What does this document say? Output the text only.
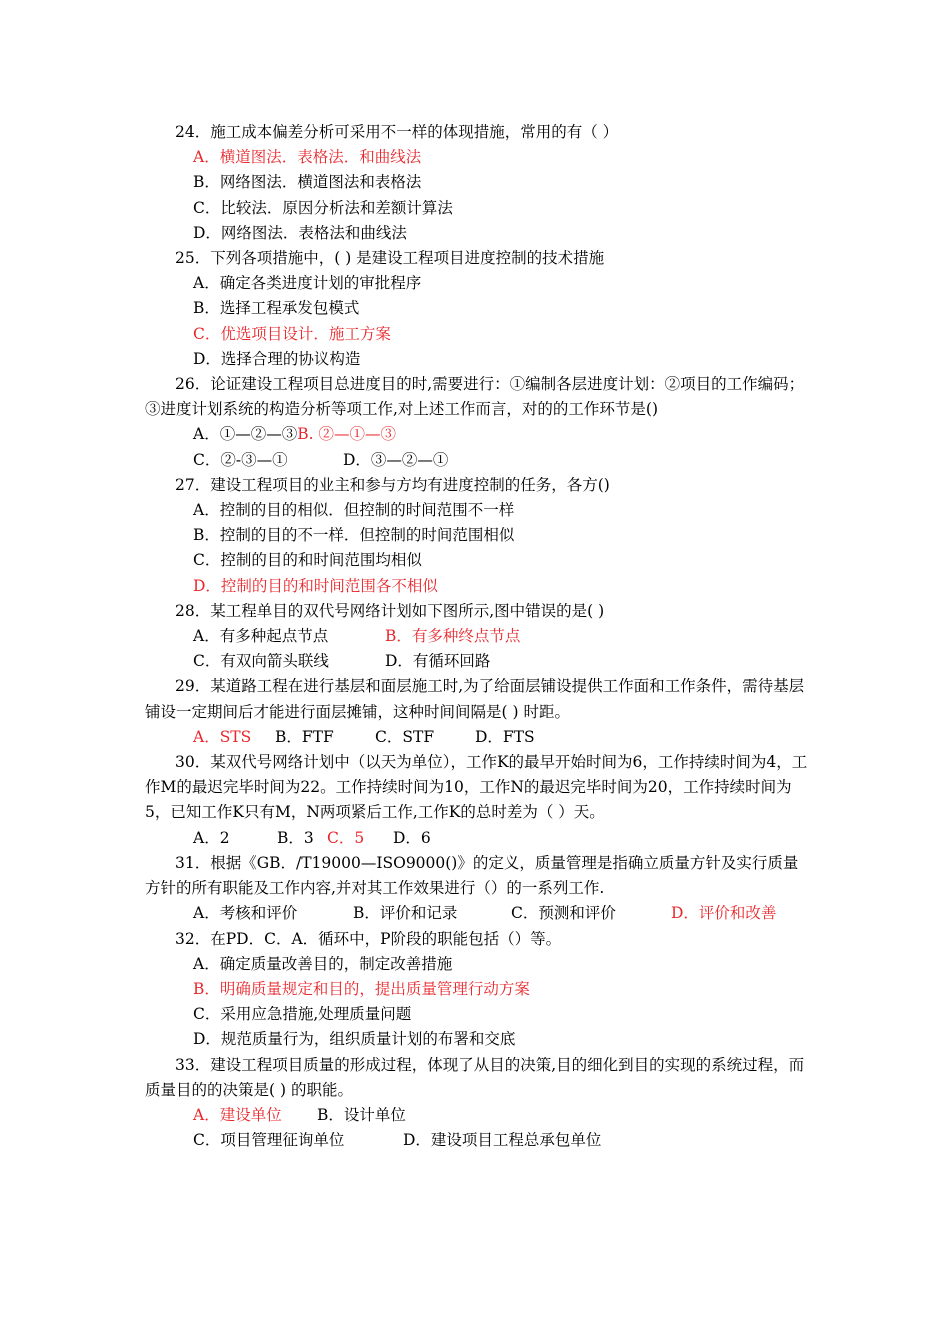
24．施工成本偏差分析可采用不一样的体现措施，常用的有（ ）

A．横道图法．表格法．和曲线法

B．网络图法．横道图法和表格法

C．比较法．原因分析法和差额计算法

D．网络图法．表格法和曲线法

25．下列各项措施中，( ) 是建设工程项目进度控制的技术措施

A．确定各类进度计划的审批程序

B．选择工程承发包模式

C．优选项目设计．施工方案

D．选择合理的协议构造

26．论证建设工程项目总进度目的时,需要进行：①编制各层进度计划：②项目的工作编码；③进度计划系统的构造分析等项工作,对上述工作而言，对的的工作环节是()

A．①—②—③B. ②—①—③

C．②-③—①	D．③—②—①

27．建设工程项目的业主和参与方均有进度控制的任务，各方()

A．控制的目的相似．但控制的时间范围不一样

B．控制的目的不一样．但控制的时间范围相似

C．控制的目的和时间范围均相似

D．控制的目的和时间范围各不相似

28．某工程单目的双代号网络计划如下图所示,图中错误的是( )

A．有多种起点节点	B．有多种终点节点

C．有双向箭头联线	D．有循环回路

29．某道路工程在进行基层和面层施工时,为了给面层铺设提供工作面和工作条件，需待基层铺设一定期间后才能进行面层摊铺，这种时间间隔是( ) 时距。

A．STS B．FTF	C．STF	D．FTS

30．某双代号网络计划中（以天为单位），工作K的最早开始时间为6，工作持续时间为4，工作M的最迟完毕时间为22。工作持续时间为10，工作N的最迟完毕时间为20，工作持续时间为5，已知工作K只有M，N两项紧后工作,工作K的总时差为（ ）天。

A．2	B．3 C．5 D．6

31．根据《GB．/T19000—ISO9000()》的定义，质量管理是指确立质量方针及实行质量方针的所有职能及工作内容,并对其工作效果进行（）的一系列工作.

A．考核和评价	B．评价和记录	C．预测和评价	D．评价和改善

32．在PD．C．A．循环中，P阶段的职能包括（）等。

A．确定质量改善目的，制定改善措施

B．明确质量规定和目的，提出质量管理行动方案

C．采用应急措施,处理质量问题

D．规范质量行为，组织质量计划的布署和交底

33．建设工程项目质量的形成过程，体现了从目的决策,目的细化到目的实现的系统过程，而质量目的的决策是( ) 的职能。

A．建设单位 B．设计单位

C．项目管理征询单位	D．建设项目工程总承包单位
